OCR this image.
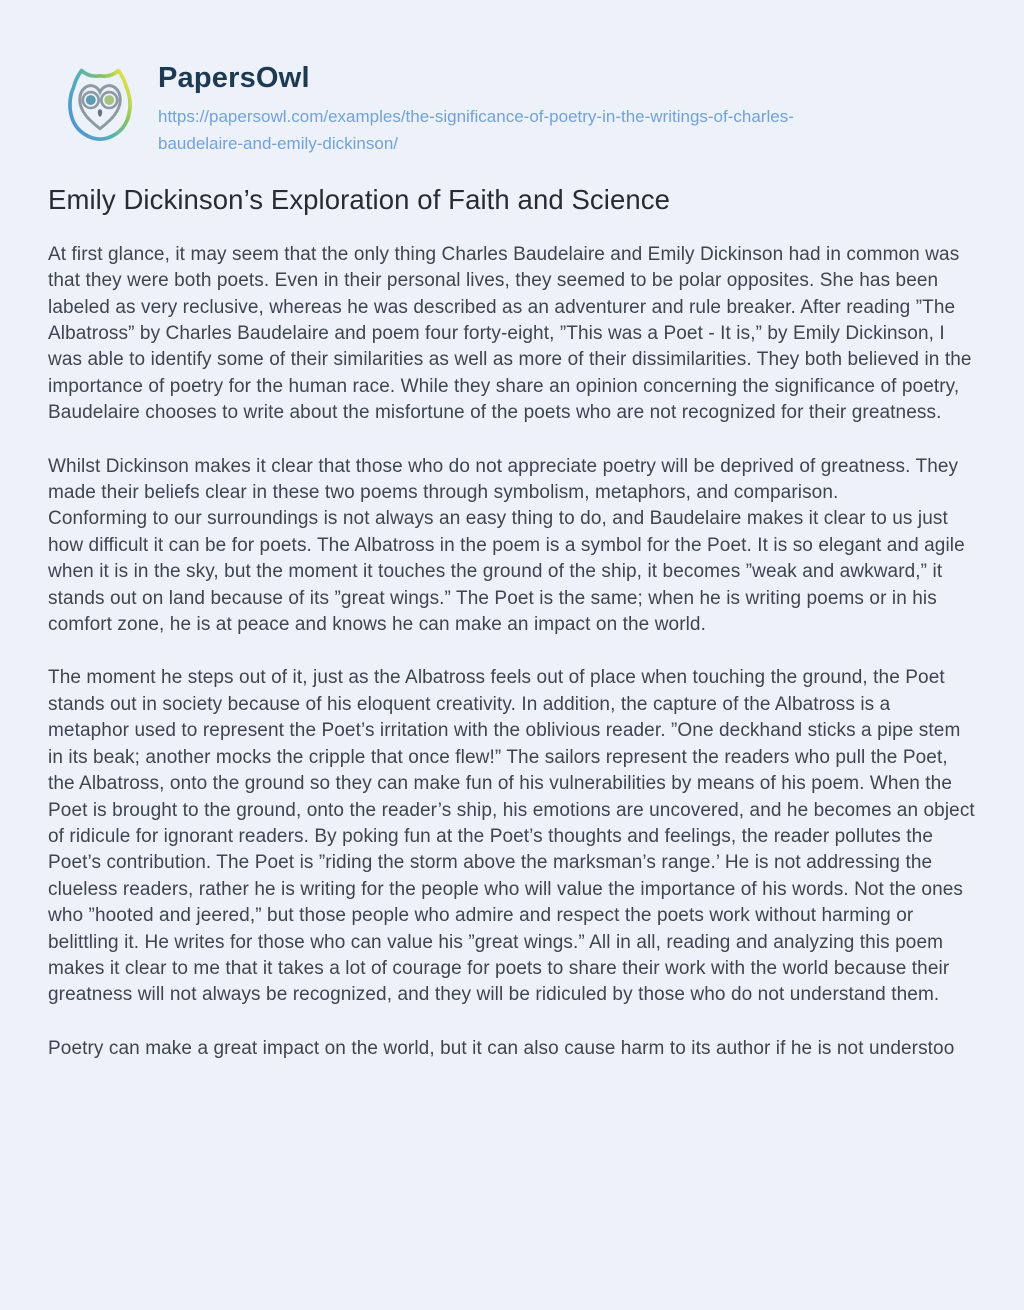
PapersOwl
https://papersowl.com/examples/the-significance-of-poetry-in-the-writings-of-charles-
baudelaire-and-emily-dickinson/
Emily Dickinson’s Exploration of Faith and Science

At first glance, it may seem that the only thing Charles Baudelaire and Emily Dickinson had in common was that they were both poets. Even in their personal lives, they seemed to be polar opposites. She has been labeled as very reclusive, whereas he was described as an adventurer and rule breaker. After reading ”The Albatross” by Charles Baudelaire and poem four forty-eight, ”This was a Poet - It is,” by Emily Dickinson, I was able to identify some of their similarities as well as more of their dissimilarities. They both believed in the importance of poetry for the human race. While they share an opinion concerning the significance of poetry, Baudelaire chooses to write about the misfortune of the poets who are not recognized for their greatness.

Whilst Dickinson makes it clear that those who do not appreciate poetry will be deprived of greatness. They made their beliefs clear in these two poems through symbolism, metaphors, and comparison.

Conforming to our surroundings is not always an easy thing to do, and Baudelaire makes it clear to us just how difficult it can be for poets. The Albatross in the poem is a symbol for the Poet. It is so elegant and agile when it is in the sky, but the moment it touches the ground of the ship, it becomes ”weak and awkward,” it stands out on land because of its ”great wings.” The Poet is the same; when he is writing poems or in his comfort zone, he is at peace and knows he can make an impact on the world.

The moment he steps out of it, just as the Albatross feels out of place when touching the ground, the Poet stands out in society because of his eloquent creativity. In addition, the capture of the Albatross is a metaphor used to represent the Poet’s irritation with the oblivious reader. ”One deckhand sticks a pipe stem in its beak; another mocks the cripple that once flew!” The sailors represent the readers who pull the Poet, the Albatross, onto the ground so they can make fun of his vulnerabilities by means of his poem. When the Poet is brought to the ground, onto the reader’s ship, his emotions are uncovered, and he becomes an object of ridicule for ignorant readers. By poking fun at the Poet’s thoughts and feelings, the reader pollutes the Poet’s contribution. The Poet is ”riding the storm above the marksman’s range.’ He is not addressing the clueless readers, rather he is writing for the people who will value the importance of his words. Not the ones who ”hooted and jeered,” but those people who admire and respect the poets work without harming or belittling it. He writes for those who can value his ”great wings.” All in all, reading and analyzing this poem makes it clear to me that it takes a lot of courage for poets to share their work with the world because their greatness will not always be recognized, and they will be ridiculed by those who do not understand them.

Poetry can make a great impact on the world, but it can also cause harm to its author if he is not understoo
